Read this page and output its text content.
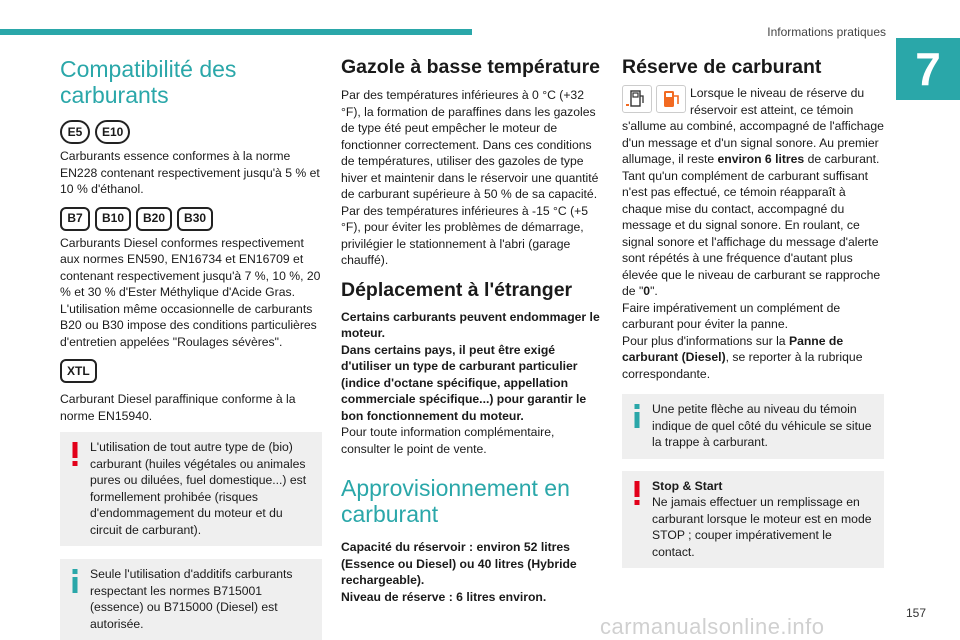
Informations pratiques
7
Compatibilité des carburants
E5	E10

Carburants essence conformes à la norme EN228 contenant respectivement jusqu'à 5 % et 10 % d'éthanol.

B7	B10	B20	B30

Carburants Diesel conformes respectivement aux normes EN590, EN16734 et EN16709 et contenant respectivement jusqu'à 7 %, 10 %, 20 % et 30 % d'Ester Méthylique d'Acide Gras. L'utilisation même occasionnelle de carburants B20 ou B30 impose des conditions particulières d'entretien appelées "Roulages sévères".

XTL

Carburant Diesel paraffinique conforme à la norme EN15940.

L'utilisation de tout autre type de (bio) carburant (huiles végétales ou animales pures ou diluées, fuel domestique...) est formellement prohibée (risques d'endommagement du moteur et du circuit de carburant).

Seule l'utilisation d'additifs carburants respectant les normes B715001 (essence) ou B715000 (Diesel) est autorisée.

Gazole à basse température

Par des températures inférieures à 0 °C (+32 °F), la formation de paraffines dans les gazoles de type été peut empêcher le moteur de fonctionner correctement. Dans ces conditions de températures, utiliser des gazoles de type hiver et maintenir dans le réservoir une quantité de carburant supérieure à 50 % de sa capacité.

Par des températures inférieures à -15 °C (+5 °F), pour éviter les problèmes de démarrage, privilégier le stationnement à l'abri (garage chauffé).

Déplacement à l'étranger

Certains carburants peuvent endommager le moteur.

Dans certains pays, il peut être exigé d'utiliser un type de carburant particulier (indice d'octane spécifique, appellation commerciale spécifique...) pour garantir le bon fonctionnement du moteur.

Pour toute information complémentaire, consulter le point de vente.

Approvisionnement en carburant

Capacité du réservoir : environ 52 litres (Essence ou Diesel) ou 40 litres (Hybride rechargeable).

Niveau de réserve : 6 litres environ.

Réserve de carburant

Lorsque le niveau de réserve du réservoir est atteint, ce témoin s'allume au combiné, accompagné de l'affichage d'un message et d'un signal sonore. Au premier allumage, il reste environ 6 litres de carburant.

Tant qu'un complément de carburant suffisant n'est pas effectué, ce témoin réapparaît à chaque mise du contact, accompagné du message et du signal sonore. En roulant, ce signal sonore et l'affichage du message d'alerte sont répétés à une fréquence d'autant plus élevée que le niveau de carburant se rapproche de "0".

Faire impérativement un complément de carburant pour éviter la panne.

Pour plus d'informations sur la Panne de carburant (Diesel), se reporter à la rubrique correspondante.

Une petite flèche au niveau du témoin indique de quel côté du véhicule se situe la trappe à carburant.

Stop & Start

Ne jamais effectuer un remplissage en carburant lorsque le moteur est en mode STOP ; couper impérativement le contact.

157
carmanualsonline.info
